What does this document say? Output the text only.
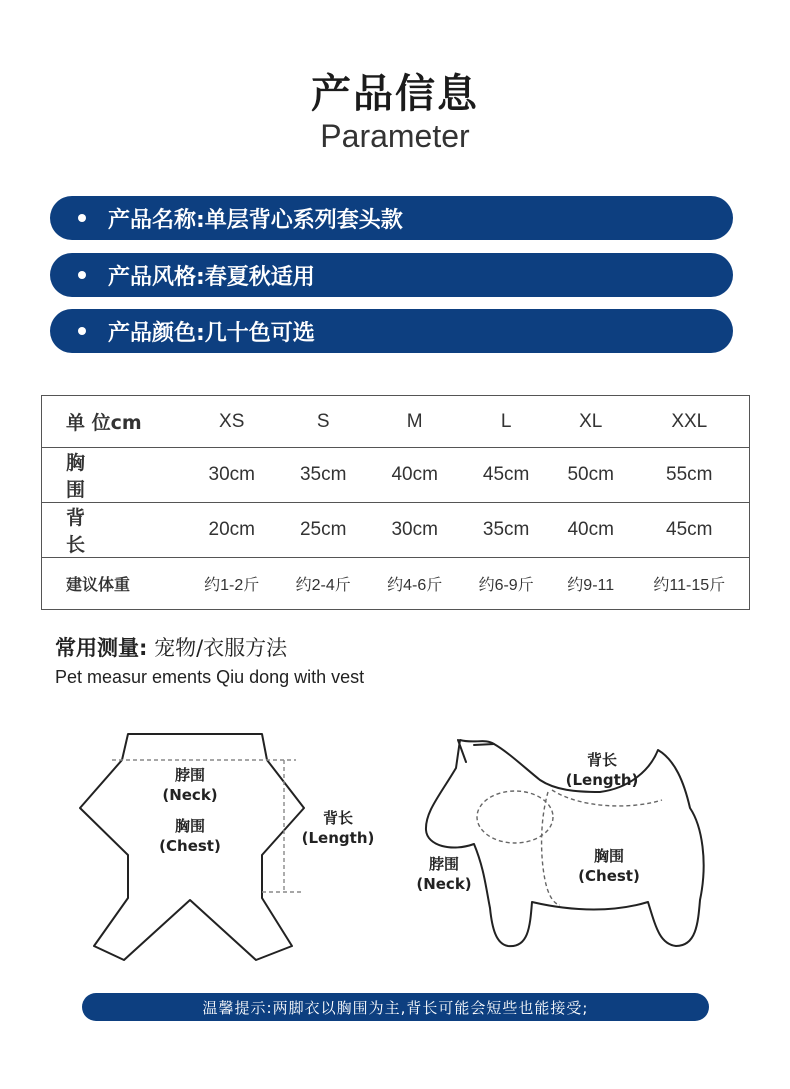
产品信息
Parameter
产品名称:单层背心系列套头款
产品风格:春夏秋适用
产品颜色:几十色可选
单 位cm	XS	S	M	L	XL	XXL
胸 围	30cm	35cm	40cm	45cm	50cm	55cm
背 长	20cm	25cm	30cm	35cm	40cm	45cm
建议体重	约1-2斤	约2-4斤	约4-6斤	约6-9斤	约9-11	约11-15斤
常用测量: 宠物/衣服方法
Pet measur ements Qiu dong with vest
脖围
(Neck)
胸围
(Chest)
背长
(Length)
背长
(Length)
脖围
(Neck)
胸围
(Chest)
温馨提示:两脚衣以胸围为主,背长可能会短些也能接受;
